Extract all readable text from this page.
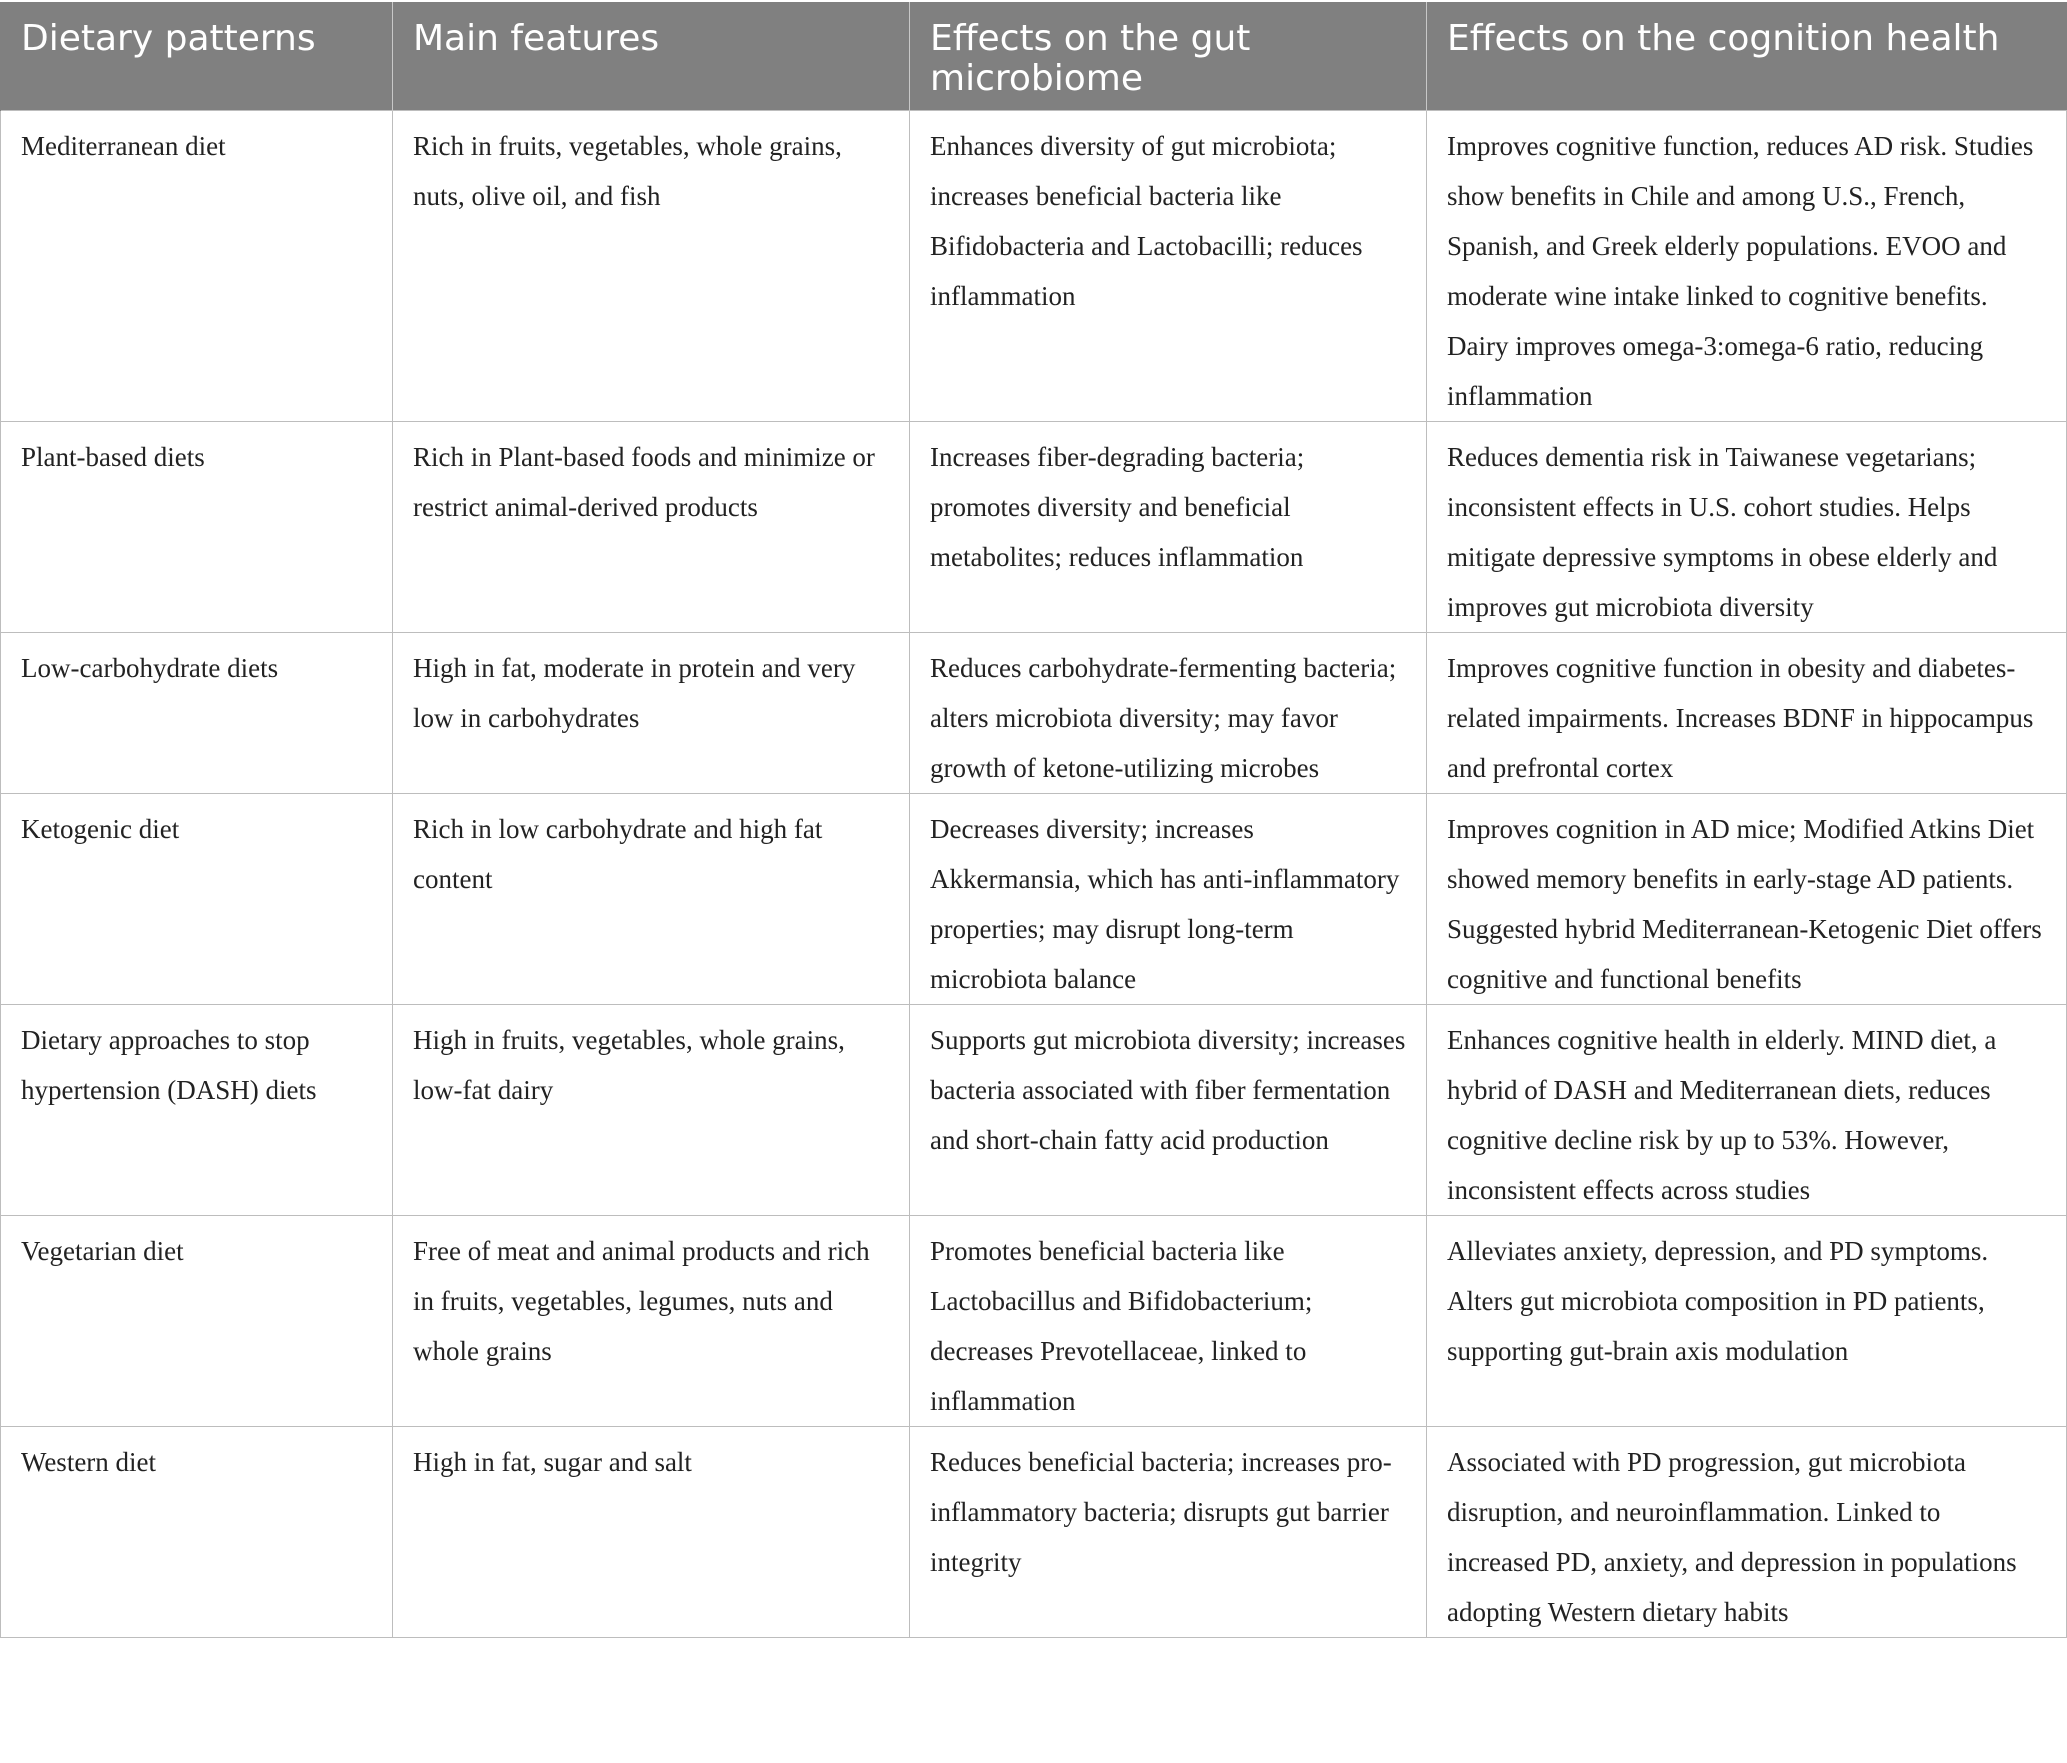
Dietary patterns	Main features	Effects on the gut microbiome	Effects on the cognition health
Mediterranean diet	Rich in fruits, vegetables, whole grains, nuts, olive oil, and fish	Enhances diversity of gut microbiota; increases beneficial bacteria like Bifidobacteria and Lactobacilli; reduces inflammation	Improves cognitive function, reduces AD risk. Studies show benefits in Chile and among U.S., French, Spanish, and Greek elderly populations. EVOO and moderate wine intake linked to cognitive benefits. Dairy improves omega-3:omega-6 ratio, reducing inflammation
Plant-based diets	Rich in Plant-based foods and minimize or restrict animal-derived products	Increases fiber-degrading bacteria; promotes diversity and beneficial metabolites; reduces inflammation	Reduces dementia risk in Taiwanese vegetarians; inconsistent effects in U.S. cohort studies. Helps mitigate depressive symptoms in obese elderly and improves gut microbiota diversity
Low-carbohydrate diets	High in fat, moderate in protein and very low in carbohydrates	Reduces carbohydrate-fermenting bacteria; alters microbiota diversity; may favor growth of ketone-utilizing microbes	Improves cognitive function in obesity and diabetes-related impairments. Increases BDNF in hippocampus and prefrontal cortex
Ketogenic diet	Rich in low carbohydrate and high fat content	Decreases diversity; increases Akkermansia, which has anti-inflammatory properties; may disrupt long-term microbiota balance	Improves cognition in AD mice; Modified Atkins Diet showed memory benefits in early-stage AD patients. Suggested hybrid Mediterranean-Ketogenic Diet offers cognitive and functional benefits
Dietary approaches to stop hypertension (DASH) diets	High in fruits, vegetables, whole grains, low-fat dairy	Supports gut microbiota diversity; increases bacteria associated with fiber fermentation and short-chain fatty acid production	Enhances cognitive health in elderly. MIND diet, a hybrid of DASH and Mediterranean diets, reduces cognitive decline risk by up to 53%. However, inconsistent effects across studies
Vegetarian diet	Free of meat and animal products and rich in fruits, vegetables, legumes, nuts and whole grains	Promotes beneficial bacteria like Lactobacillus and Bifidobacterium; decreases Prevotellaceae, linked to inflammation	Alleviates anxiety, depression, and PD symptoms. Alters gut microbiota composition in PD patients, supporting gut-brain axis modulation
Western diet	High in fat, sugar and salt	Reduces beneficial bacteria; increases pro-inflammatory bacteria; disrupts gut barrier integrity	Associated with PD progression, gut microbiota disruption, and neuroinflammation. Linked to increased PD, anxiety, and depression in populations adopting Western dietary habits
